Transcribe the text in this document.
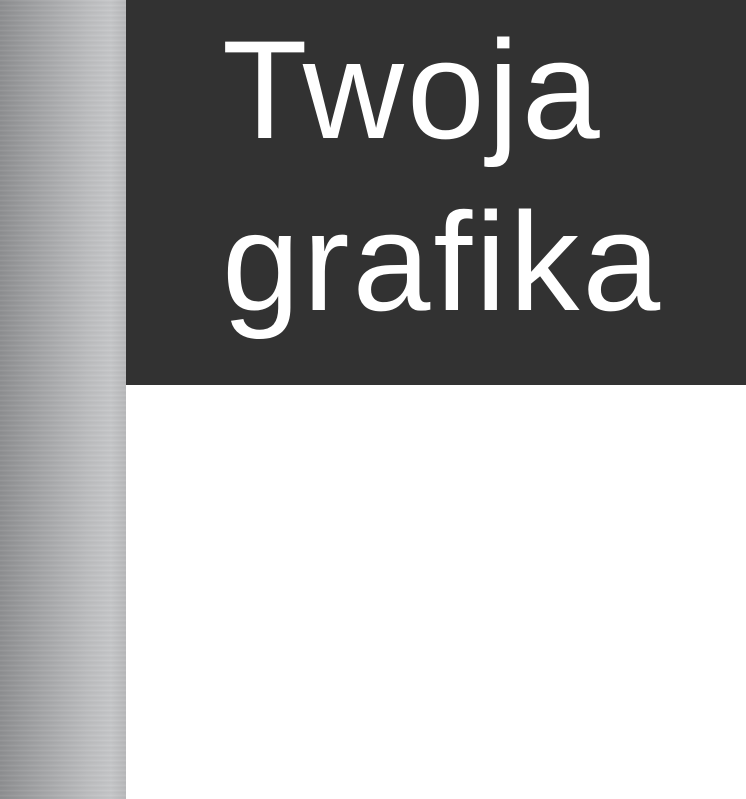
Twoja
grafika
